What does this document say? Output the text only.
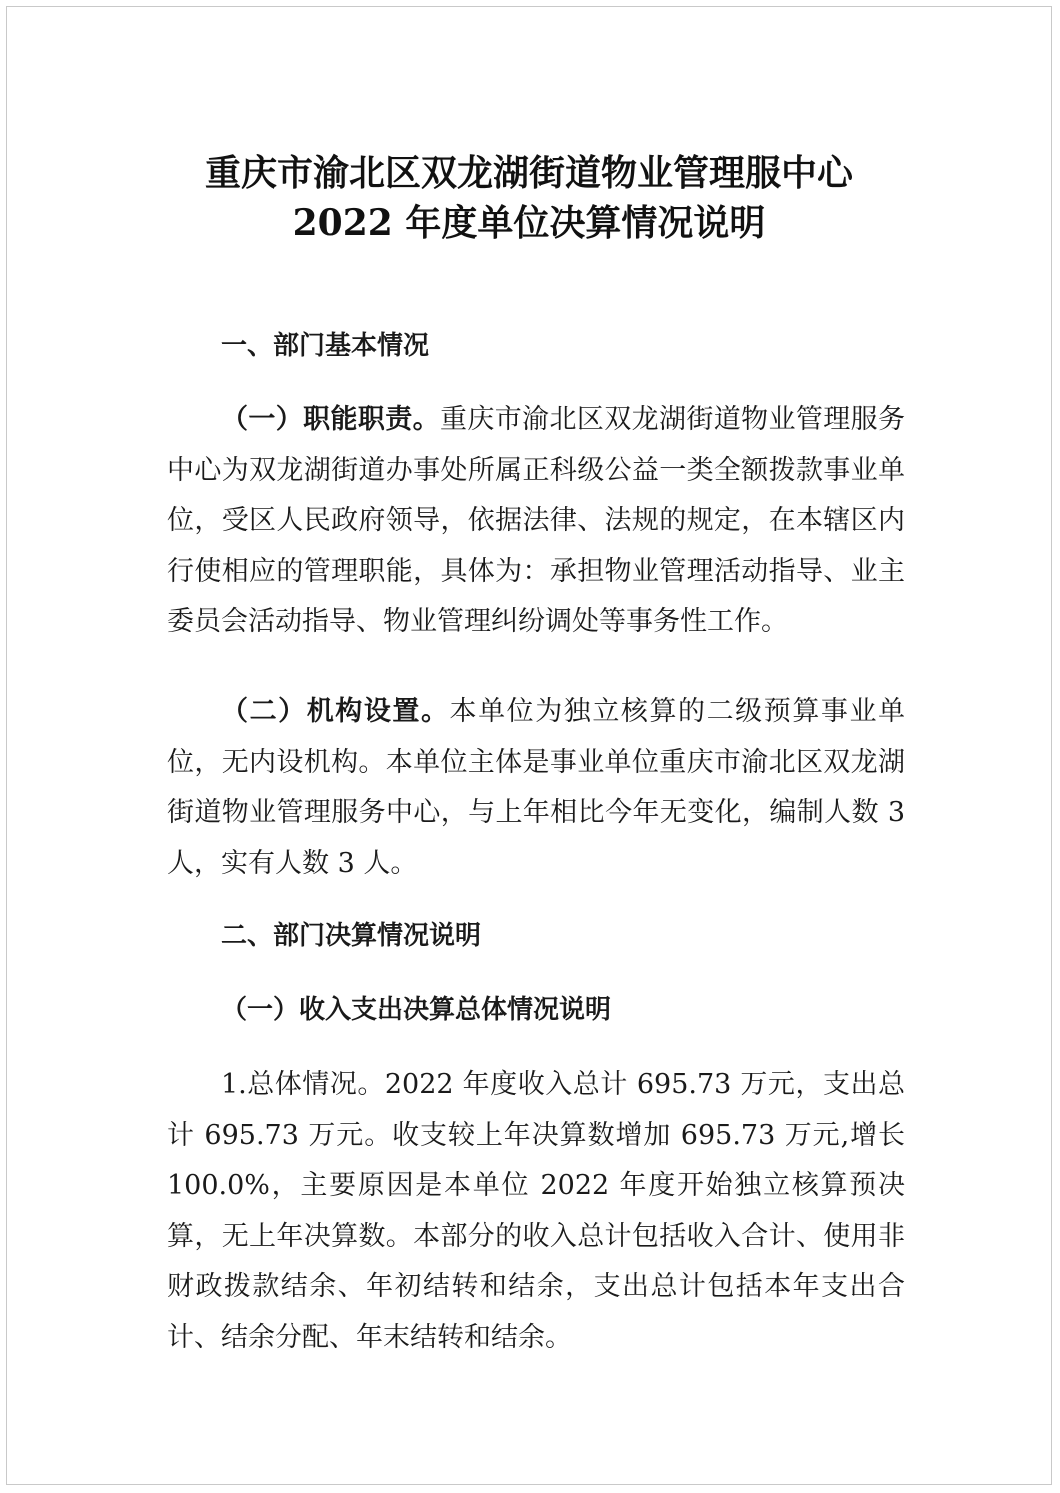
重庆市渝北区双龙湖街道物业管理服中心
2022 年度单位决算情况说明
一、部门基本情况

（一）职能职责。重庆市渝北区双龙湖街道物业管理服务中心为双龙湖街道办事处所属正科级公益一类全额拨款事业单位，受区人民政府领导，依据法律、法规的规定，在本辖区内行使相应的管理职能，具体为：承担物业管理活动指导、业主委员会活动指导、物业管理纠纷调处等事务性工作。

（二）机构设置。本单位为独立核算的二级预算事业单位，无内设机构。本单位主体是事业单位重庆市渝北区双龙湖街道物业管理服务中心，与上年相比今年无变化，编制人数 3 人，实有人数 3 人。

二、部门决算情况说明
（一）收入支出决算总体情况说明

1.总体情况。2022 年度收入总计 695.73 万元，支出总计 695.73 万元。收支较上年决算数增加 695.73 万元,增长 100.0%，主要原因是本单位 2022 年度开始独立核算预决算，无上年决算数。本部分的收入总计包括收入合计、使用非财政拨款结余、年初结转和结余，支出总计包括本年支出合计、结余分配、年末结转和结余。
